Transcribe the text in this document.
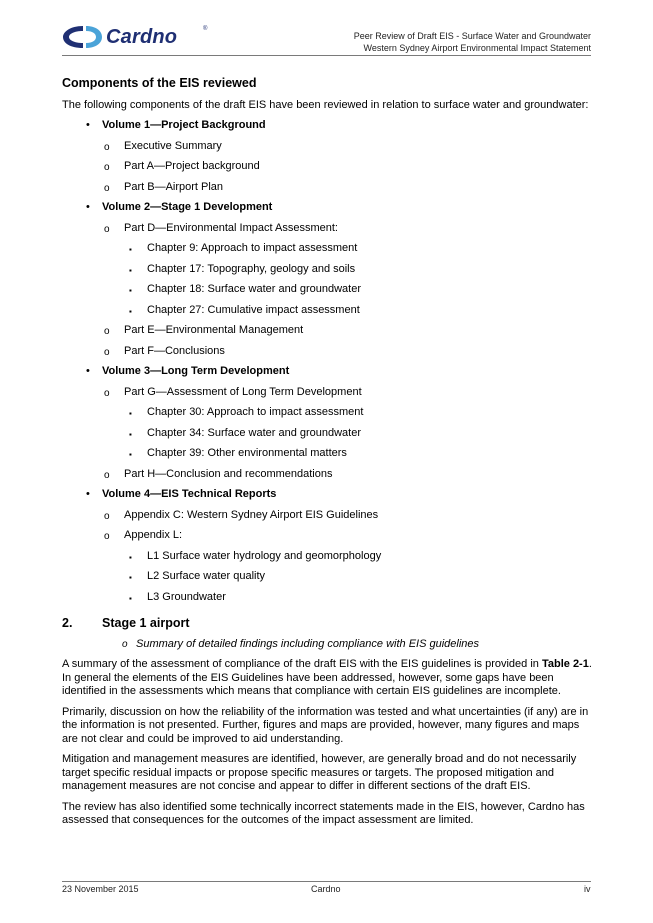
Cardno	®
Peer Review of Draft EIS - Surface Water and Groundwater
Western Sydney Airport Environmental Impact Statement
Components of the EIS reviewed
The following components of the draft EIS have been reviewed in relation to surface water and groundwater:
• Volume 1—Project Background
o Executive Summary
o Part A—Project background
o Part B—Airport Plan
• Volume 2—Stage 1 Development
o Part D—Environmental Impact Assessment:
▪ Chapter 9: Approach to impact assessment
▪ Chapter 17: Topography, geology and soils
▪ Chapter 18: Surface water and groundwater
▪ Chapter 27: Cumulative impact assessment
o Part E—Environmental Management
o Part F—Conclusions
• Volume 3—Long Term Development
o Part G—Assessment of Long Term Development
▪ Chapter 30: Approach to impact assessment
▪ Chapter 34: Surface water and groundwater
▪ Chapter 39: Other environmental matters
o Part H—Conclusion and recommendations
• Volume 4—EIS Technical Reports
o Appendix C: Western Sydney Airport EIS Guidelines
o Appendix L:
▪ L1 Surface water hydrology and geomorphology
▪ L2 Surface water quality
▪ L3 Groundwater
2. Stage 1 airport
o Summary of detailed findings including compliance with EIS guidelines

A summary of the assessment of compliance of the draft EIS with the EIS guidelines is provided in Table 2-1. In general the elements of the EIS Guidelines have been addressed, however, some gaps have been identified in the assessments which means that compliance with certain EIS guidelines are incomplete.

Primarily, discussion on how the reliability of the information was tested and what uncertainties (if any) are in the information is not presented. Further, figures and maps are provided, however, many figures and maps are not clear and could be improved to aid understanding.

Mitigation and management measures are identified, however, are generally broad and do not necessarily target specific residual impacts or propose specific measures or targets. The proposed mitigation and management measures are not concise and appear to differ in different sections of the draft EIS.

The review has also identified some technically incorrect statements made in the EIS, however, Cardno has assessed that consequences for the outcomes of the impact assessment are limited.

23 November 2015	Cardno	iv
